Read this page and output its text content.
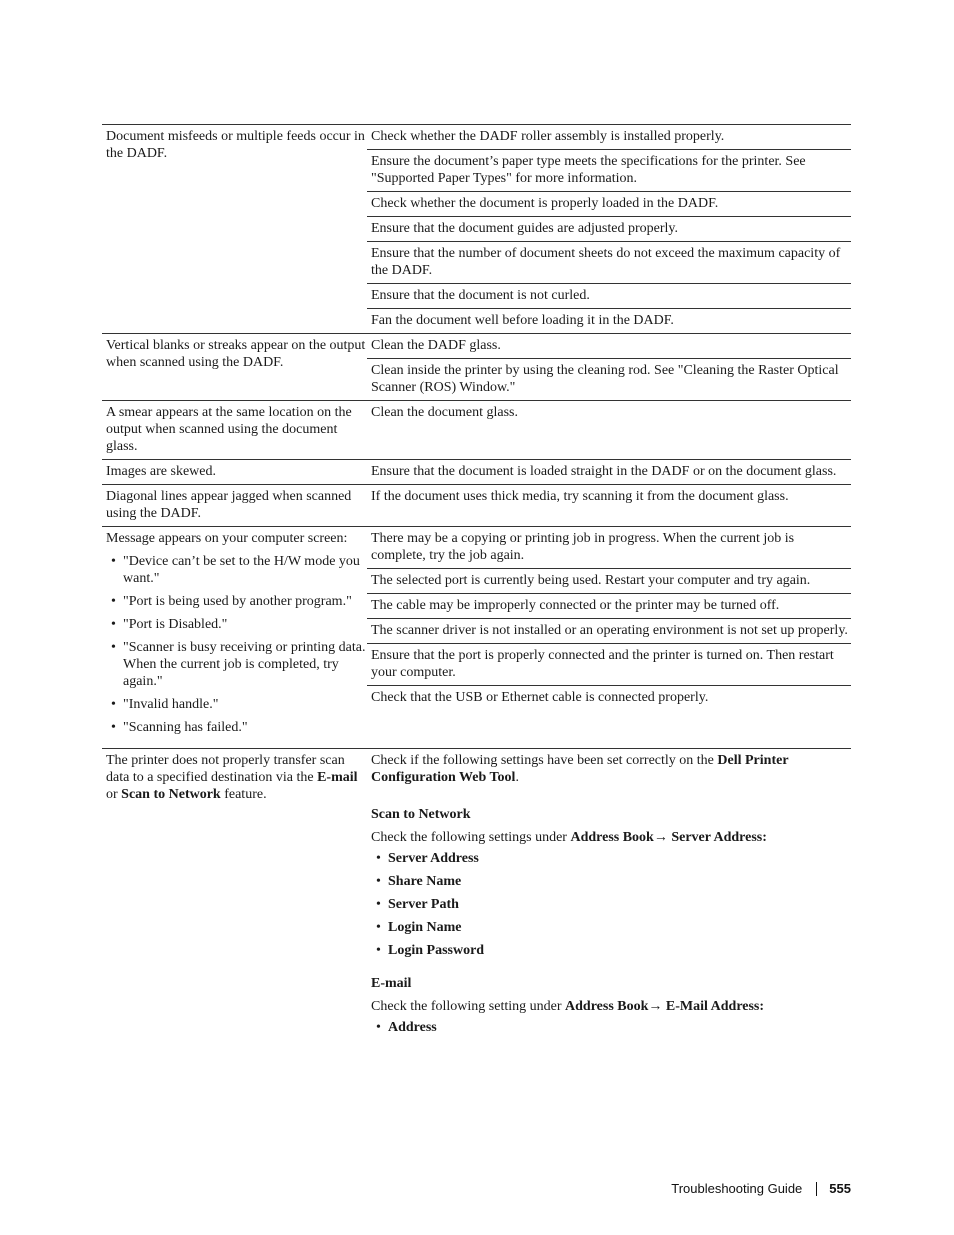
Document misfeeds or multiple feeds occur in the DADF.
Check whether the DADF roller assembly is installed properly.
Ensure the document’s paper type meets the specifications for the printer. See "Supported Paper Types" for more information.
Check whether the document is properly loaded in the DADF.
Ensure that the document guides are adjusted properly.
Ensure that the number of document sheets do not exceed the maximum capacity of the DADF.
Ensure that the document is not curled.
Fan the document well before loading it in the DADF.
Vertical blanks or streaks appear on the output when scanned using the DADF.
Clean the DADF glass.
Clean inside the printer by using the cleaning rod. See "Cleaning the Raster Optical Scanner (ROS) Window."
A smear appears at the same location on the output when scanned using the document glass.
Clean the document glass.
Images are skewed.	Ensure that the document is loaded straight in the DADF or on the document glass.
Diagonal lines appear jagged when scanned using the DADF.
If the document uses thick media, try scanning it from the document glass.
Message appears on your computer screen:
• "Device can’t be set to the H/W mode you want."
• "Port is being used by another program."
• "Port is Disabled."
• "Scanner is busy receiving or printing data. When the current job is completed, try again."
• "Invalid handle."
• "Scanning has failed."
There may be a copying or printing job in progress. When the current job is complete, try the job again.
The selected port is currently being used. Restart your computer and try again.
The cable may be improperly connected or the printer may be turned off.
The scanner driver is not installed or an operating environment is not set up properly.
Ensure that the port is properly connected and the printer is turned on. Then restart your computer.
Check that the USB or Ethernet cable is connected properly.
The printer does not properly transfer scan data to a specified destination via the E-mail or Scan to Network feature.
Check if the following settings have been set correctly on the Dell Printer Configuration Web Tool.
Scan to Network
Check the following settings under Address Book→ Server Address:
• Server Address
• Share Name
• Server Path
• Login Name
• Login Password
E-mail
Check the following setting under Address Book→ E-Mail Address:
• Address
Troubleshooting Guide 555
